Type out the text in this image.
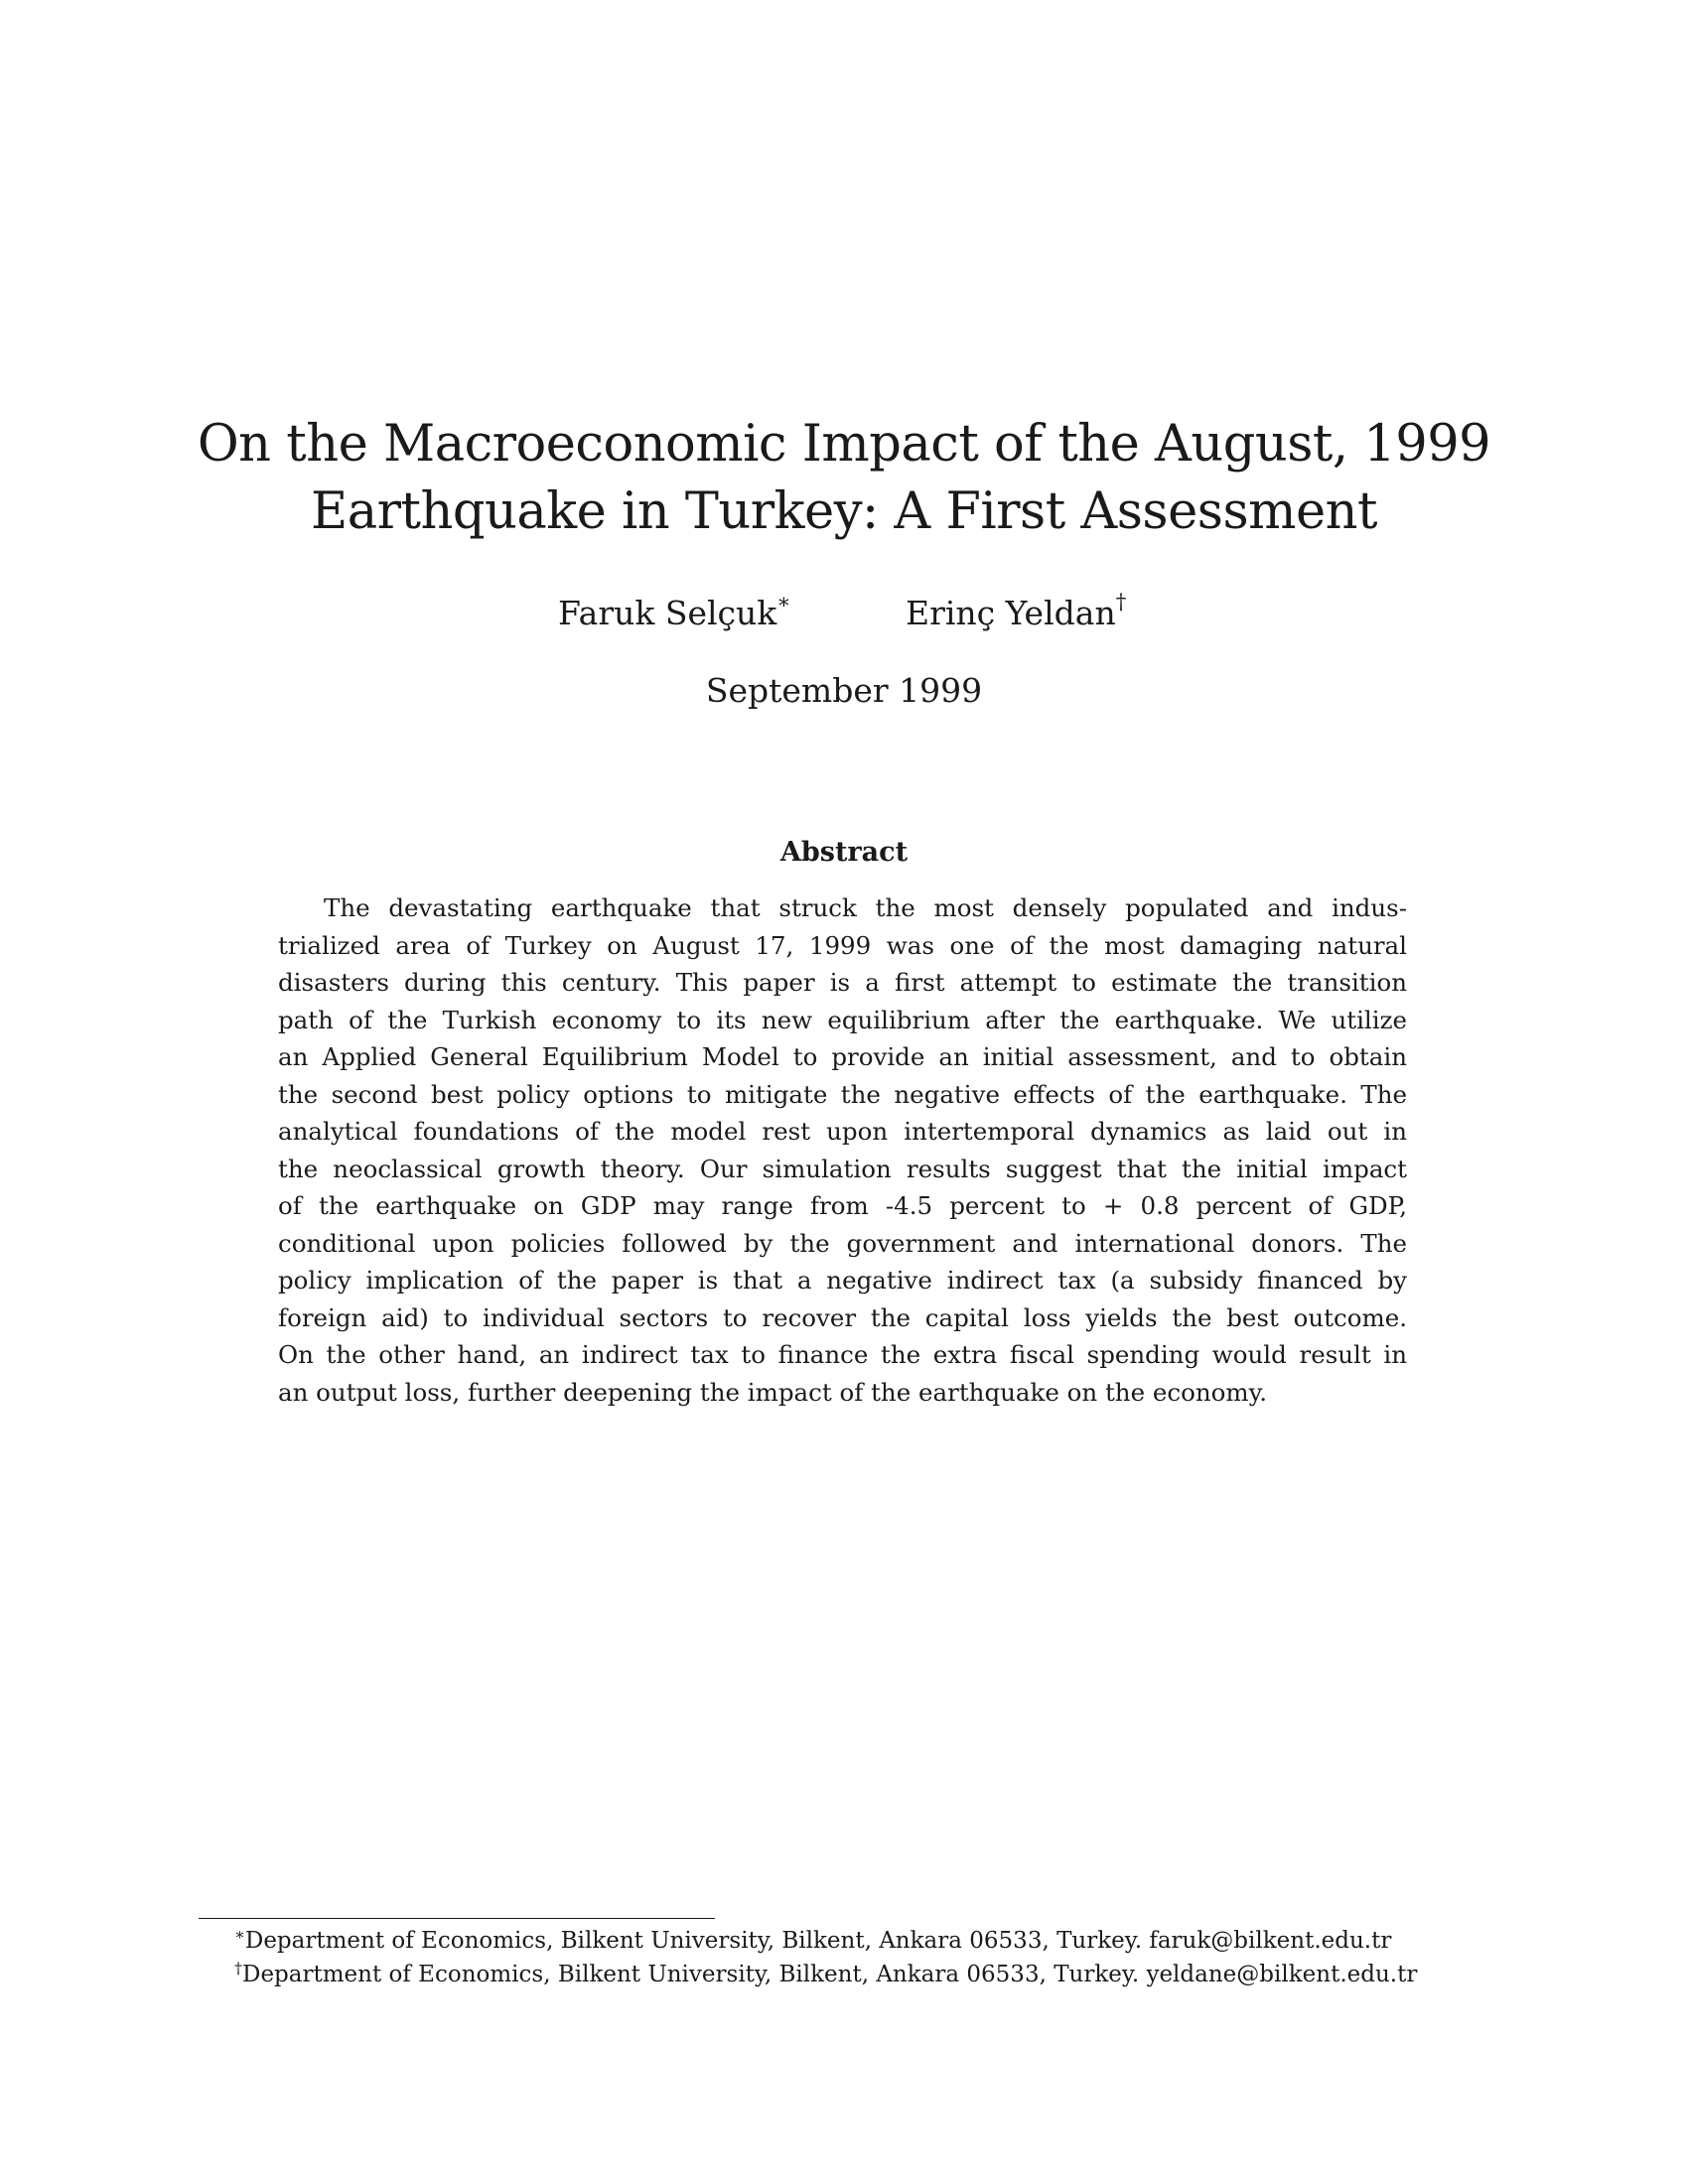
On the Macroeconomic Impact of the August, 1999
Earthquake in Turkey: A First Assessment
Faruk Selçuk∗	Erinç Yeldan†
September 1999
Abstract
The devastating earthquake that struck the most densely populated and indus-
trialized area of Turkey on August 17, 1999 was one of the most damaging natural
disasters during this century. This paper is a first attempt to estimate the transition
path of the Turkish economy to its new equilibrium after the earthquake. We utilize
an Applied General Equilibrium Model to provide an initial assessment, and to obtain
the second best policy options to mitigate the negative effects of the earthquake. The
analytical foundations of the model rest upon intertemporal dynamics as laid out in
the neoclassical growth theory. Our simulation results suggest that the initial impact
of the earthquake on GDP may range from -4.5 percent to + 0.8 percent of GDP,
conditional upon policies followed by the government and international donors. The
policy implication of the paper is that a negative indirect tax (a subsidy financed by
foreign aid) to individual sectors to recover the capital loss yields the best outcome.
On the other hand, an indirect tax to finance the extra fiscal spending would result in
an output loss, further deepening the impact of the earthquake on the economy.

∗Department of Economics, Bilkent University, Bilkent, Ankara 06533, Turkey. faruk@bilkent.edu.tr

†Department of Economics, Bilkent University, Bilkent, Ankara 06533, Turkey. yeldane@bilkent.edu.tr
